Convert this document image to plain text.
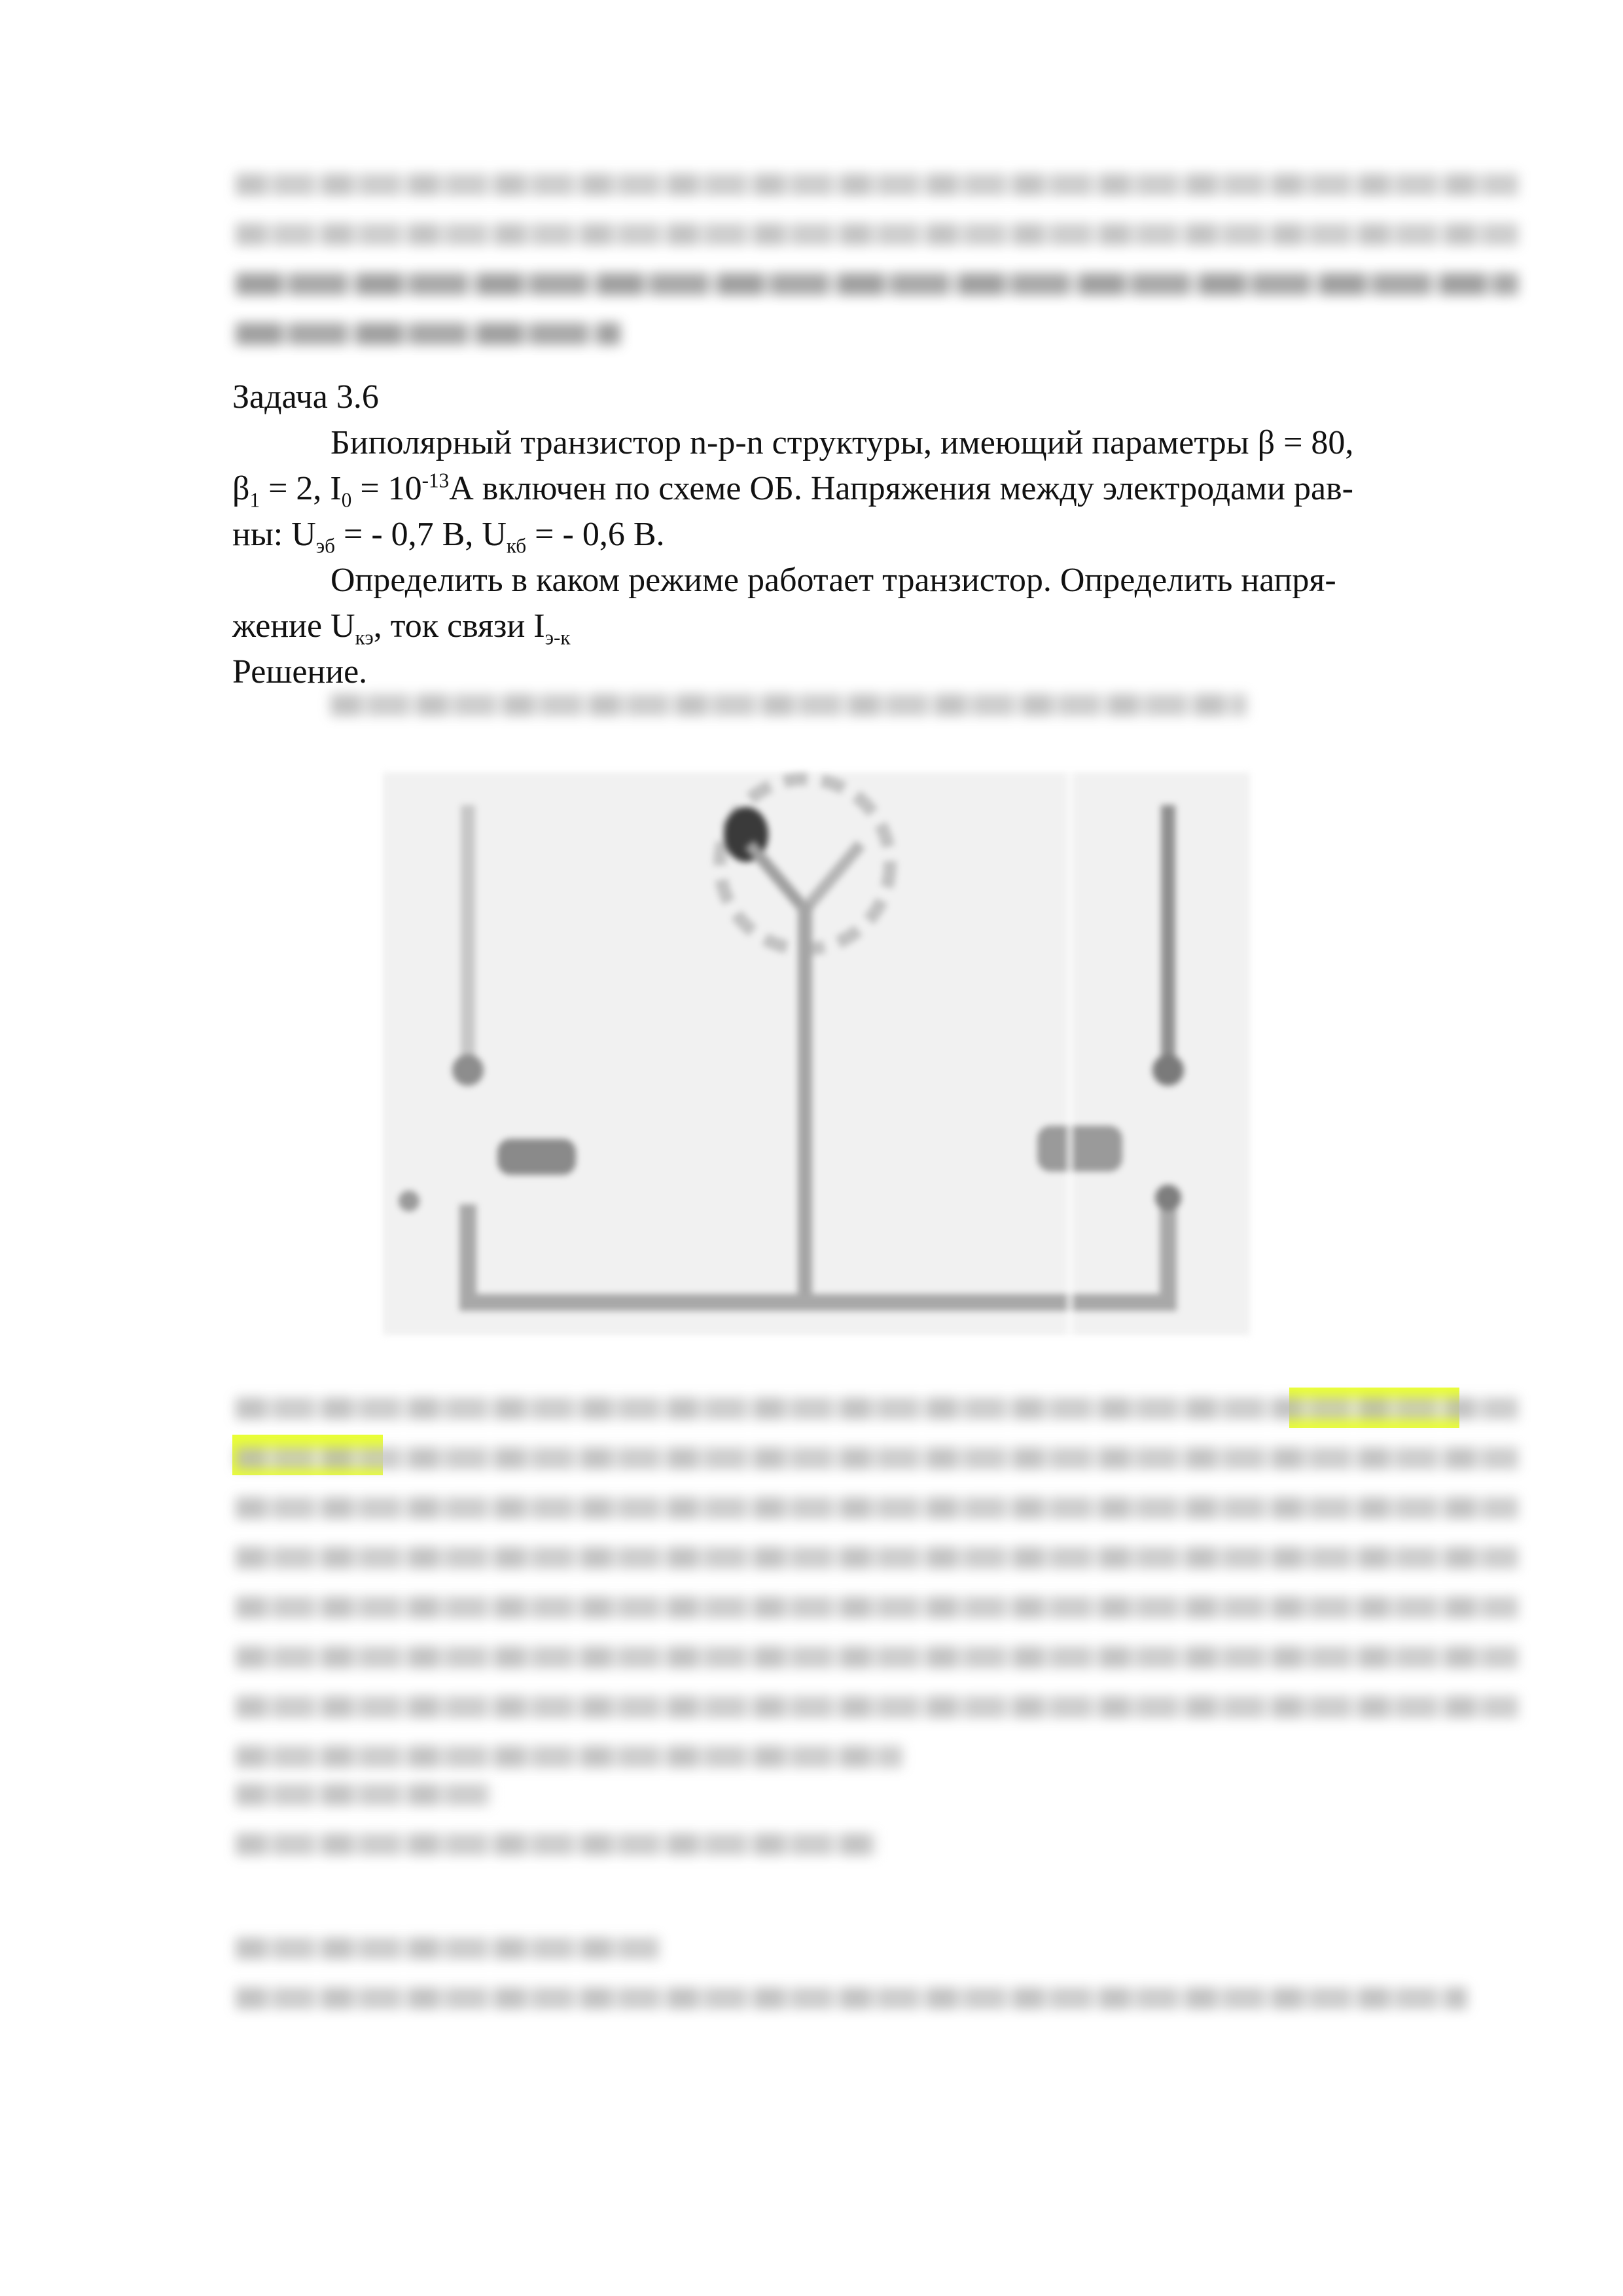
Задача 3.6

Биполярный транзистор n-p-n структуры, имеющий параметры β = 80,

$\beta_1 = 2$, $I_0 = 10^{-13}А$ включен по схеме ОБ. Напряжения между электродами рав-

ны: $U_{эб}$ = - 0,7 В, $U_{кб}$ = - 0,6 В.

Определить в каком режиме работает транзистор. Определить напря-

жение $U_{кэ}$, ток связи $I_{э-к}$

Решение.
